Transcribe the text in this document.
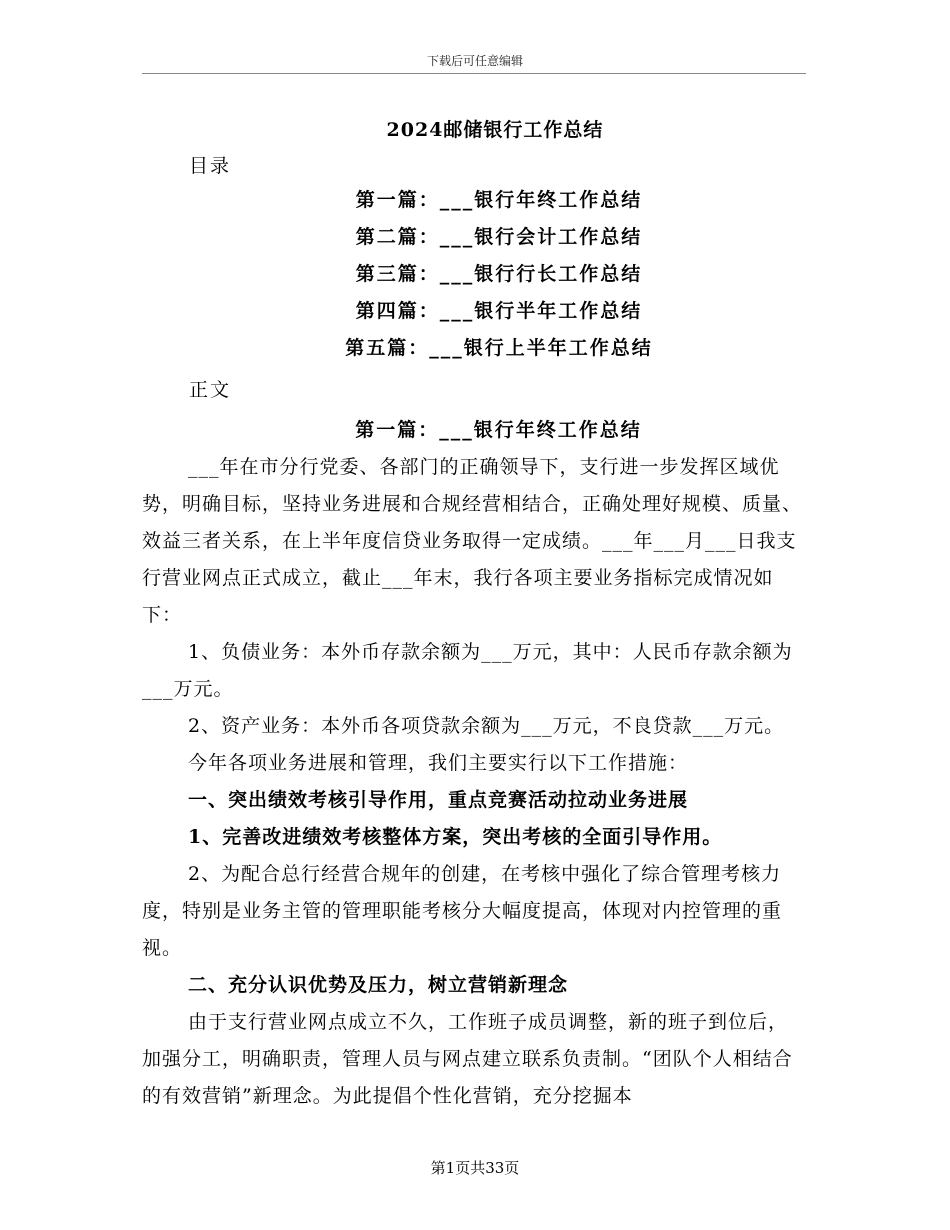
下载后可任意编辑
2024邮储银行工作总结
目录
第一篇：___银行年终工作总结
第二篇：___银行会计工作总结
第三篇：___银行行长工作总结
第四篇：___银行半年工作总结
第五篇：___银行上半年工作总结
正文

第一篇：___银行年终工作总结

___年在市分行党委、各部门的正确领导下，支行进一步发挥区域优势，明确目标，坚持业务进展和合规经营相结合，正确处理好规模、质量、效益三者关系，在上半年度信贷业务取得一定成绩。___年___月___日我支行营业网点正式成立，截止___年末，我行各项主要业务指标完成情况如下：

1、负债业务：本外币存款余额为___万元，其中：人民币存款余额为___万元。

2、资产业务：本外币各项贷款余额为___万元，不良贷款___万元。

今年各项业务进展和管理，我们主要实行以下工作措施：

一、突出绩效考核引导作用，重点竞赛活动拉动业务进展

1、完善改进绩效考核整体方案，突出考核的全面引导作用。

2、为配合总行经营合规年的创建，在考核中强化了综合管理考核力度，特别是业务主管的管理职能考核分大幅度提高，体现对内控管理的重视。

二、充分认识优势及压力，树立营销新理念

由于支行营业网点成立不久，工作班子成员调整，新的班子到位后，加强分工，明确职责，管理人员与网点建立联系负责制。“团队个人相结合的有效营销”新理念。为此提倡个性化营销，充分挖掘本

第1页共33页
